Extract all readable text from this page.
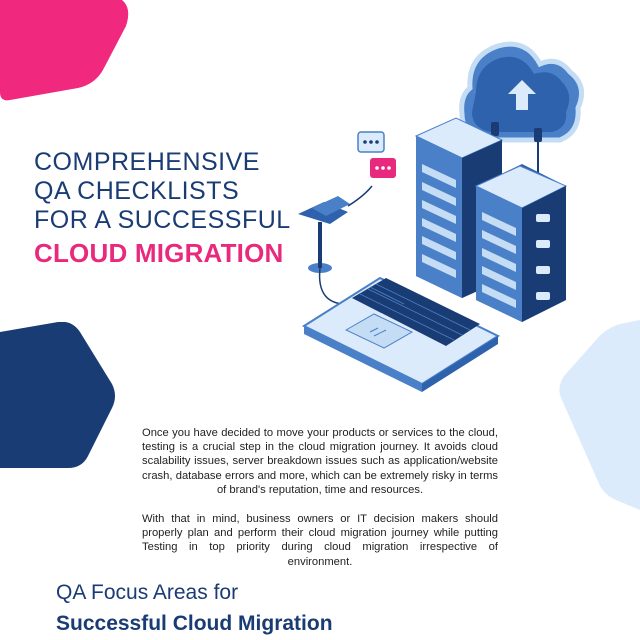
COMPREHENSIVE

QA CHECKLISTS

FOR A SUCCESSFUL

CLOUD MIGRATION

Once you have decided to move your products or services to the cloud, testing is a crucial step in the cloud migration journey. It avoids cloud scalability issues, server breakdown issues such as application/website crash, database errors and more, which can be extremely risky in terms of brand's reputation, time and resources.

With that in mind, business owners or IT decision makers should properly plan and perform their cloud migration journey while putting Testing in top priority during cloud migration irrespective of environment.

QA Focus Areas for

Successful Cloud Migration
